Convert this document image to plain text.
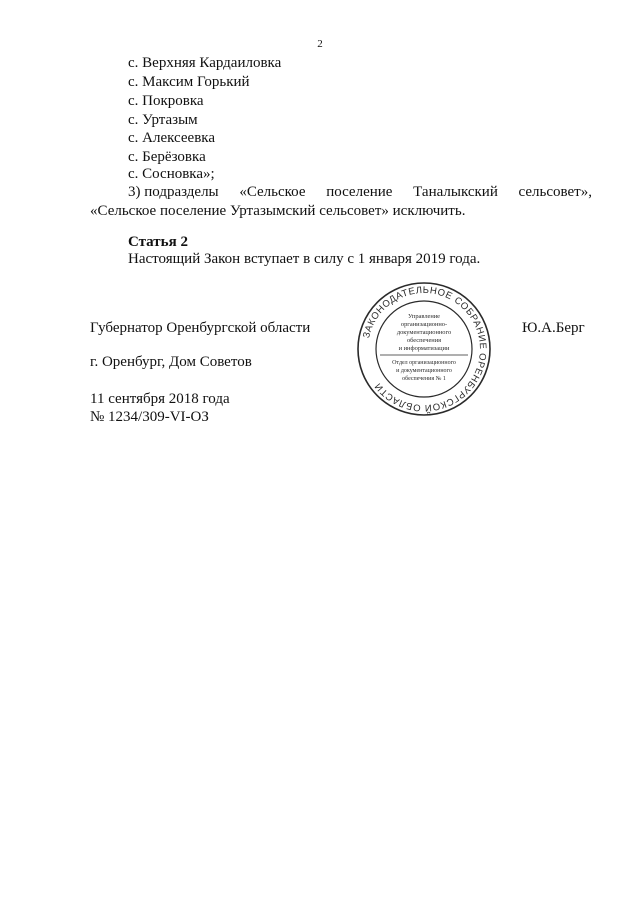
2
с. Верхняя Кардаиловка
с. Максим Горький
с. Покровка
с. Уртазым
с. Алексеевка
с. Берёзовка
с. Сосновка»;
3) подразделы «Сельское поселение Таналыкский сельсовет»,
«Сельское поселение Уртазымский сельсовет» исключить.
Статья 2
Настоящий Закон вступает в силу с 1 января 2019 года.
Губернатор Оренбургской области	Ю.А.Берг
г. Оренбург, Дом Советов
11 сентября 2018 года
№ 1234/309-VI-ОЗ
ЗАКОНОДАТЕЛЬНОЕ СОБРАНИЕ ОРЕНБУРГСКОЙ ОБЛАСТИ
Управление
организационно-
документационного
обеспечения
и информатизации
Отдел организационного
и документационного
обеспечения № 1
